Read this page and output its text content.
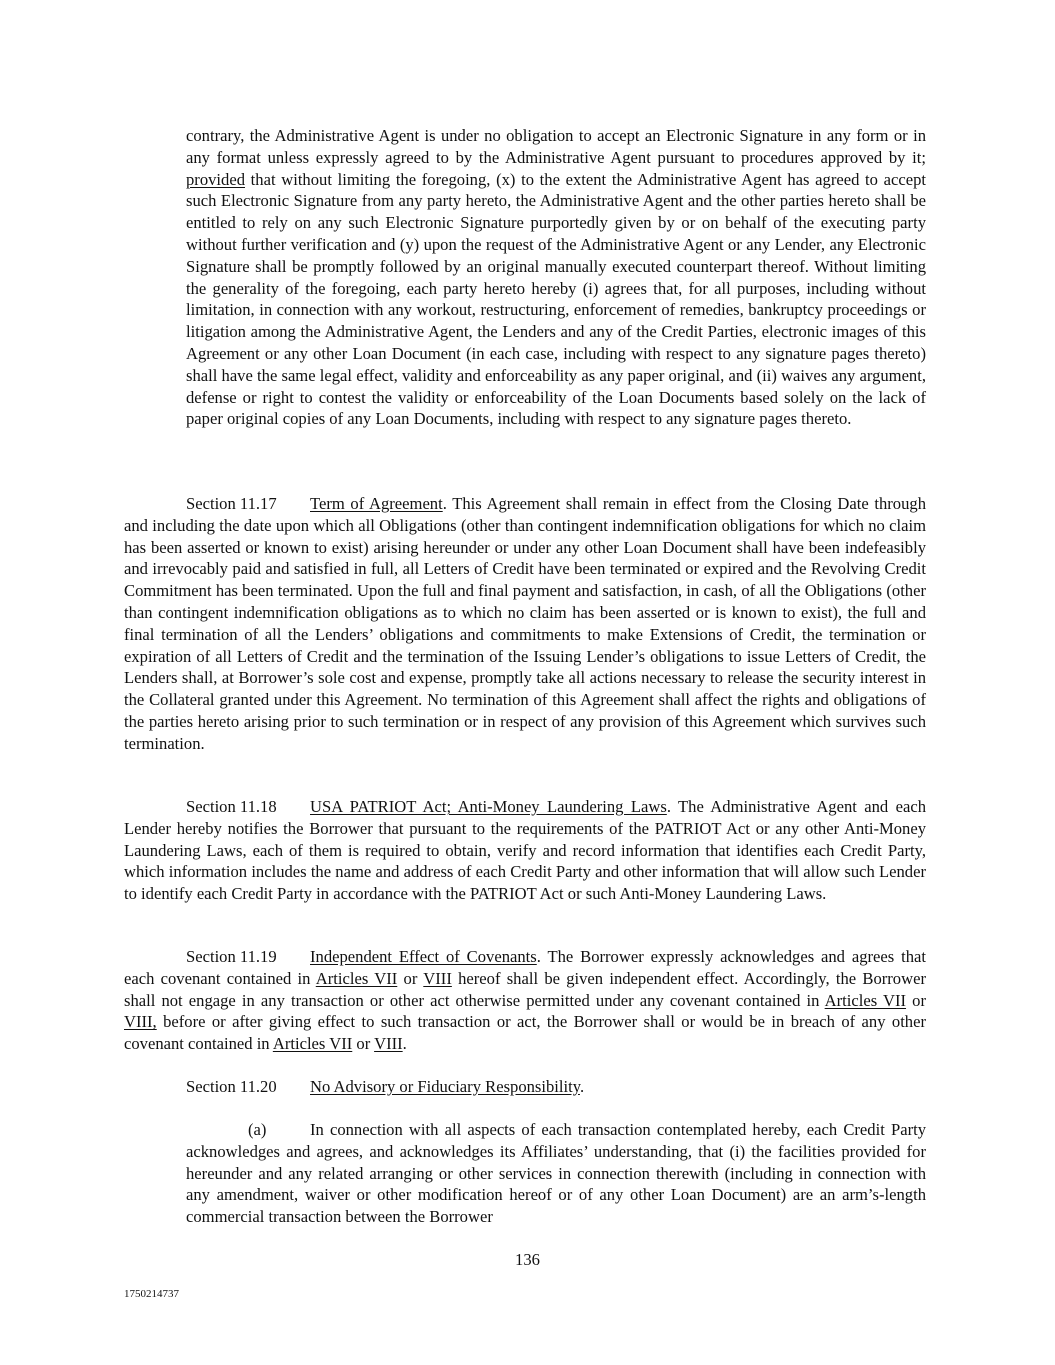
contrary, the Administrative Agent is under no obligation to accept an Electronic Signature in any form or in any format unless expressly agreed to by the Administrative Agent pursuant to procedures approved by it; provided that without limiting the foregoing, (x) to the extent the Administrative Agent has agreed to accept such Electronic Signature from any party hereto, the Administrative Agent and the other parties hereto shall be entitled to rely on any such Electronic Signature purportedly given by or on behalf of the executing party without further verification and (y) upon the request of the Administrative Agent or any Lender, any Electronic Signature shall be promptly followed by an original manually executed counterpart thereof. Without limiting the generality of the foregoing, each party hereto hereby (i) agrees that, for all purposes, including without limitation, in connection with any workout, restructuring, enforcement of remedies, bankruptcy proceedings or litigation among the Administrative Agent, the Lenders and any of the Credit Parties, electronic images of this Agreement or any other Loan Document (in each case, including with respect to any signature pages thereto) shall have the same legal effect, validity and enforceability as any paper original, and (ii) waives any argument, defense or right to contest the validity or enforceability of the Loan Documents based solely on the lack of paper original copies of any Loan Documents, including with respect to any signature pages thereto.

Section 11.17 Term of Agreement. This Agreement shall remain in effect from the Closing Date through and including the date upon which all Obligations (other than contingent indemnification obligations for which no claim has been asserted or known to exist) arising hereunder or under any other Loan Document shall have been indefeasibly and irrevocably paid and satisfied in full, all Letters of Credit have been terminated or expired and the Revolving Credit Commitment has been terminated. Upon the full and final payment and satisfaction, in cash, of all the Obligations (other than contingent indemnification obligations as to which no claim has been asserted or is known to exist), the full and final termination of all the Lenders’ obligations and commitments to make Extensions of Credit, the termination or expiration of all Letters of Credit and the termination of the Issuing Lender’s obligations to issue Letters of Credit, the Lenders shall, at Borrower’s sole cost and expense, promptly take all actions necessary to release the security interest in the Collateral granted under this Agreement. No termination of this Agreement shall affect the rights and obligations of the parties hereto arising prior to such termination or in respect of any provision of this Agreement which survives such termination.

Section 11.18 USA PATRIOT Act; Anti-Money Laundering Laws. The Administrative Agent and each Lender hereby notifies the Borrower that pursuant to the requirements of the PATRIOT Act or any other Anti-Money Laundering Laws, each of them is required to obtain, verify and record information that identifies each Credit Party, which information includes the name and address of each Credit Party and other information that will allow such Lender to identify each Credit Party in accordance with the PATRIOT Act or such Anti-Money Laundering Laws.

Section 11.19 Independent Effect of Covenants. The Borrower expressly acknowledges and agrees that each covenant contained in Articles VII or VIII hereof shall be given independent effect. Accordingly, the Borrower shall not engage in any transaction or other act otherwise permitted under any covenant contained in Articles VII or VIII, before or after giving effect to such transaction or act, the Borrower shall or would be in breach of any other covenant contained in Articles VII or VIII.

Section 11.20 No Advisory or Fiduciary Responsibility.

(a)	In connection with all aspects of each transaction contemplated hereby, each Credit Party acknowledges and agrees, and acknowledges its Affiliates’ understanding, that (i) the facilities provided for hereunder and any related arranging or other services in connection therewith (including in connection with any amendment, waiver or other modification hereof or of any other Loan Document) are an arm’s-length commercial transaction between the Borrower

136
1750214737
